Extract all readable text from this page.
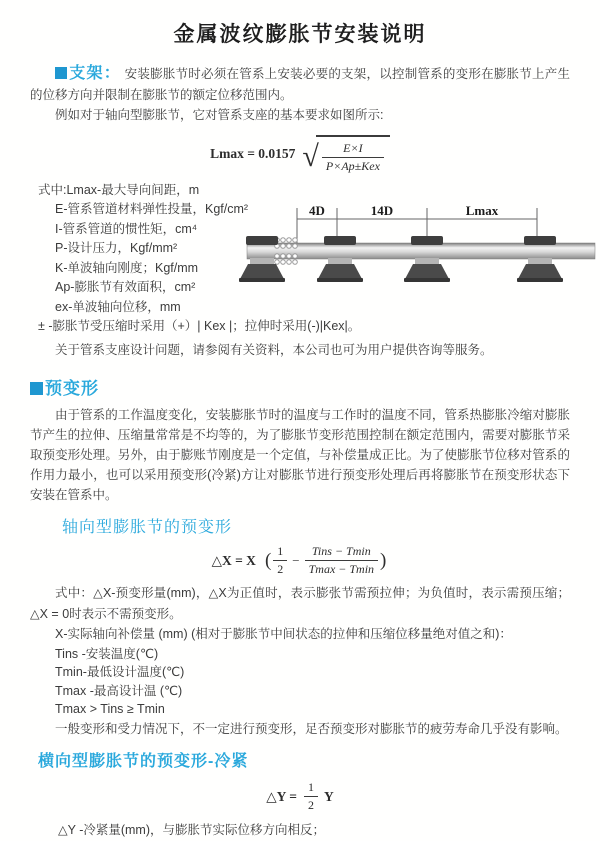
金属波纹膨胀节安装说明

支架： 安装膨胀节时必须在管系上安装必要的支架，以控制管系的变形在膨胀节上产生的位移方向并限制在膨胀节的额定位移范围内。

例如对于轴向型膨胀节，它对管系支座的基本要求如图所示:

Lmax = 0.0157 √ $\frac{E\times I}{\text{P×Ap±Kex}}$
式中:Lmax-最大导向间距，m
E-管系管道材料弹性投量，Kgf/cm²
I-管系管道的惯性矩，cm⁴
P-设计压力，Kgf/mm²
K-单波轴向刚度；Kgf/mm
Ap-膨胀节有效面积，cm²
ex-单波轴向位移，mm
4D	14D	Lmax
± -膨胀节受压缩时采用（+）| Kex |；拉伸时采用(-)|Kex|。
关于管系支座设计问题，请参阅有关资料，本公司也可为用户提供咨询等服务。
预变形

由于管系的工作温度变化，安装膨胀节时的温度与工作时的温度不同，管系热膨胀冷缩对膨胀节产生的拉伸、压缩量常常是不均等的，为了膨胀节变形范围控制在额定范围内，需要对膨胀节采取预变形处理。另外，由于膨账节刚度是一个定值，与补偿量成正比。为了使膨胀节位移对管系的作用力最小，也可以采用预变形(冷紧)方让对膨胀节进行预变形处理后再将膨胀节在预变形状态下安装在管系中。

轴向型膨胀节的预变形
△X = X ( $\frac{1}{2} - \frac{\text{Tins − Tmin}}{Tmax - Tmin}$ )

式中：△X-预变形量(mm)，△X为正值时，表示膨张节需预拉伸；为负值时，表示需预压缩；△X = 0时表示不需预变形。

X-实际轴向补偿量 (mm) (相对于膨胀节中间状态的拉伸和压缩位移量绝对值之和)：

Tins -安装温度(℃)
Tmin-最低设计温度(℃)
Tmax -最高设计温 (℃)
Tmax > Tins ≥ Tmin

一般变形和受力情况下，不一定进行预变形，足否预变形对膨胀节的疲劳寿命几乎没有影响。

横向型膨胀节的预变形-冷紧
△Y = $\frac{1}{2}$ Y
△Y -冷紧量(mm)，与膨胀节实际位移方向相反；
